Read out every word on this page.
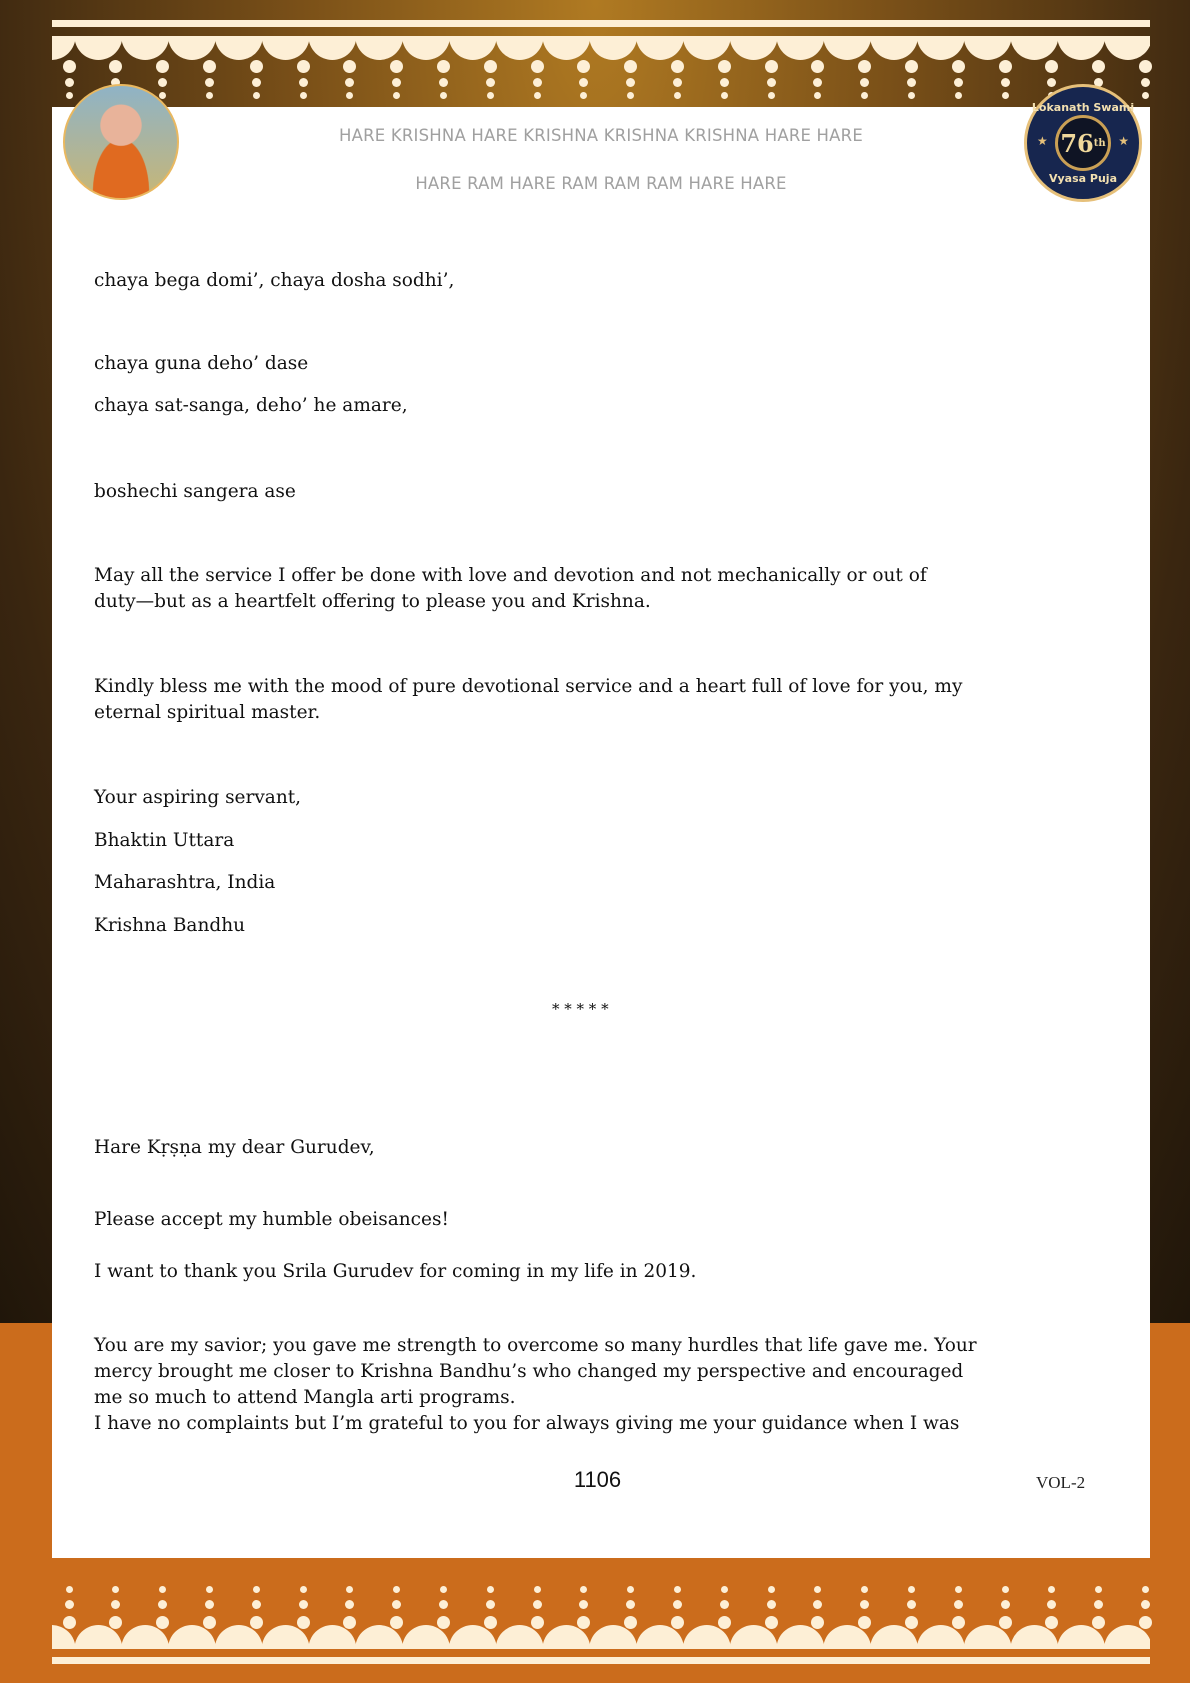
Lokanath Swami
★	★
76 th
Vyasa Puja
HARE KRISHNA HARE KRISHNA KRISHNA KRISHNA HARE HARE
HARE RAM HARE RAM RAM RAM HARE HARE
chaya bega domi’, chaya dosha sodhi’,
chaya guna deho’ dase
chaya sat-sanga, deho’ he amare,
boshechi sangera ase
May all the service I offer be done with love and devotion and not mechanically or out of
duty—but as a heartfelt offering to please you and Krishna.
Kindly bless me with the mood of pure devotional service and a heart full of love for you, my
eternal spiritual master.
Your aspiring servant,
Bhaktin Uttara
Maharashtra, India
Krishna Bandhu
* * * * *
Hare Kṛṣṇa my dear Gurudev,
Please accept my humble obeisances!
I want to thank you Srila Gurudev for coming in my life in 2019.
You are my savior; you gave me strength to overcome so many hurdles that life gave me. Your
mercy brought me closer to Krishna Bandhu’s who changed my perspective and encouraged
me so much to attend Mangla arti programs.
I have no complaints but I’m grateful to you for always giving me your guidance when I was
1106	VOL-2
